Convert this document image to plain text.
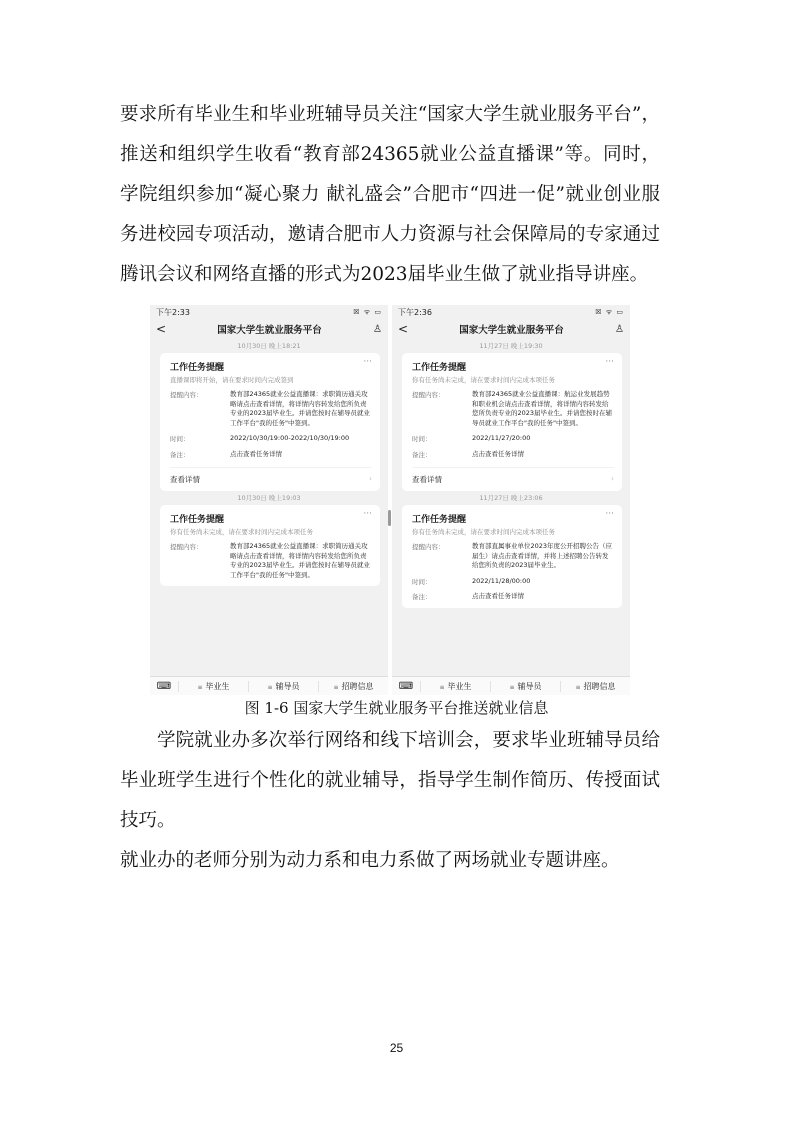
要求所有毕业生和毕业班辅导员关注“国家大学生就业服务平台”，推送和组织学生收看“教育部24365就业公益直播课”等。同时，学院组织参加“凝心聚力 献礼盛会”合肥市“四进一促”就业创业服务进校园专项活动，邀请合肥市人力资源与社会保障局的专家通过腾讯会议和网络直播的形式为2023届毕业生做了就业指导讲座。

下午2:33	☒ ᯤ ▭
<	国家大学生就业服务平台	♙
10月30日 晚上18:21
···
工作任务提醒
直播课即将开始，请在要求时间内完成签到
提醒内容：	教育部24365就业公益直播课：求职简历通关攻略请点击查看详情，将详情内容转发给您所负责专业的2023届毕业生。并请您按时在辅导员就业工作平台"我的任务"中签到。
时间：	2022/10/30/19:00-2022/10/30/19:00
备注：	点击查看任务详情
查看详情	›
10月30日 晚上19:03
···
工作任务提醒
你有任务尚未完成，请在要求时间内完成本项任务
提醒内容：	教育部24365就业公益直播课：求职简历通关攻略请点击查看详情，将详情内容转发给您所负责专业的2023届毕业生。并请您按时在辅导员就业工作平台"我的任务"中签到。
⌨	≡ 毕业生	≡ 辅导员	≡ 招聘信息
下午2:36	☒ ᯤ ▭
<	国家大学生就业服务平台	♙
11月27日 晚上19:30
···
工作任务提醒
你有任务尚未完成，请在要求时间内完成本项任务
提醒内容：	教育部24365就业公益直播课：航运业发展趋势和职业机会请点击查看详情，将详情内容转发给您所负责专业的2023届毕业生。并请您按时在辅导员就业工作平台"我的任务"中签到。
时间：	2022/11/27/20:00
备注：	点击查看任务详情
查看详情	›
11月27日 晚上23:06
···
工作任务提醒
你有任务尚未完成，请在要求时间内完成本项任务
提醒内容：	教育部直属事业单位2023年度公开招聘公告（应届生）请点击查看详情，并将上述招聘公告转发给您所负责的2023届毕业生。
时间：	2022/11/28/00:00
备注：	点击查看任务详情
⌨	≡ 毕业生	≡ 辅导员	≡ 招聘信息
图 1-6 国家大学生就业服务平台推送就业信息

学院就业办多次举行网络和线下培训会，要求毕业班辅导员给毕业班学生进行个性化的就业辅导，指导学生制作简历、传授面试技巧。

就业办的老师分别为动力系和电力系做了两场就业专题讲座。

25
